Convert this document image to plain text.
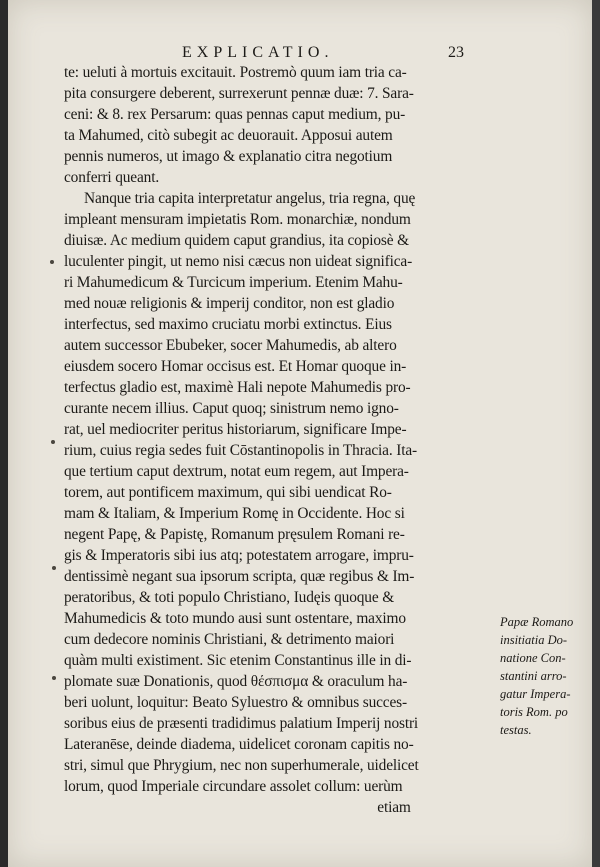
EXPLICATIO.	23
te: ueluti à mortuis excitauit. Postremò quum iam tria ca-
pita consurgere deberent, surrexerunt pennæ duæ: 7. Sara-
ceni: & 8. rex Persarum: quas pennas caput medium, pu-
ta Mahumed, citò subegit ac deuorauit. Apposui autem
pennis numeros, ut imago & explanatio citra negotium
conferri queant.
Nanque tria capita interpretatur angelus, tria regna, quę
impleant mensuram impietatis Rom. monarchiæ, nondum
diuisæ. Ac medium quidem caput grandius, ita copiosè &
luculenter pingit, ut nemo nisi cæcus non uideat significa-
ri Mahumedicum & Turcicum imperium. Etenim Mahu-
med nouæ religionis & imperij conditor, non est gladio
interfectus, sed maximo cruciatu morbi extinctus. Eius
autem successor Ebubeker, socer Mahumedis, ab altero
eiusdem socero Homar occisus est. Et Homar quoque in-
terfectus gladio est, maximè Hali nepote Mahumedis pro-
curante necem illius. Caput quoq; sinistrum nemo igno-
rat, uel mediocriter peritus historiarum, significare Impe-
rium, cuius regia sedes fuit Cōstantinopolis in Thracia. Ita-
que tertium caput dextrum, notat eum regem, aut Impera-
torem, aut pontificem maximum, qui sibi uendicat Ro-
mam & Italiam, & Imperium Romę in Occidente. Hoc si
negent Papę, & Papistę, Romanum pręsulem Romani re-
gis & Imperatoris sibi ius atq; potestatem arrogare, impru-
dentissimè negant sua ipsorum scripta, quæ regibus & Im-
peratoribus, & toti populo Christiano, Iudęis quoque &
Mahumedicis & toto mundo ausi sunt ostentare, maximo
cum dedecore nominis Christiani, & detrimento maiori
quàm multi existiment. Sic etenim Constantinus ille in di-
plomate suæ Donationis, quod θέσπισμα & oraculum ha-
beri uolunt, loquitur: Beato Syluestro & omnibus succes-
soribus eius de præsenti tradidimus palatium Imperij nostri
Lateranēse, deinde diadema, uidelicet coronam capitis no-
stri, simul que Phrygium, nec non superhumerale, uidelicet
lorum, quod Imperiale circundare assolet collum: uerùm
etiam
Papæ Romano
insitiatia Do-
natione Con-
stantini arro-
gatur Impera-
toris Rom. po
testas.
